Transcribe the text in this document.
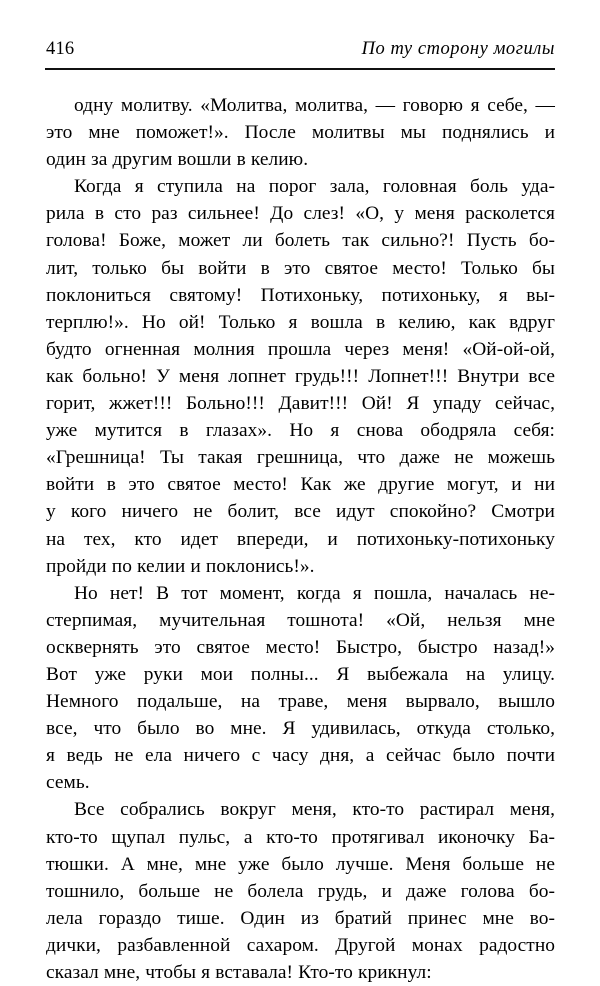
416	По ту сторону могилы

одну молитву. «Молитва, молитва, — говорю я себе, —
это мне поможет!». После молитвы мы поднялись и
один за другим вошли в келию.

Когда я ступила на порог зала, головная боль уда-
рила в сто раз сильнее! До слез! «О, у меня расколется
голова! Боже, может ли болеть так сильно?! Пусть бо-
лит, только бы войти в это святое место! Только бы
поклониться святому! Потихоньку, потихоньку, я вы-
терплю!». Но ой! Только я вошла в келию, как вдруг
будто огненная молния прошла через меня! «Ой-ой-ой,
как больно! У меня лопнет грудь!!! Лопнет!!! Внутри все
горит, жжет!!! Больно!!! Давит!!! Ой! Я упаду сейчас,
уже мутится в глазах». Но я снова ободряла себя:
«Грешница! Ты такая грешница, что даже не можешь
войти в это святое место! Как же другие могут, и ни
у кого ничего не болит, все идут спокойно? Смотри
на тех, кто идет впереди, и потихоньку-потихоньку
пройди по келии и поклонись!».

Но нет! В тот момент, когда я пошла, началась не-
стерпимая, мучительная тошнота! «Ой, нельзя мне
осквернять это святое место! Быстро, быстро назад!»
Вот уже руки мои полны... Я выбежала на улицу.
Немного подальше, на траве, меня вырвало, вышло
все, что было во мне. Я удивилась, откуда столько,
я ведь не ела ничего с часу дня, а сейчас было почти
семь.

Все собрались вокруг меня, кто-то растирал меня,
кто-то щупал пульс, а кто-то протягивал иконочку Ба-
тюшки. А мне, мне уже было лучше. Меня больше не
тошнило, больше не болела грудь, и даже голова бо-
лела гораздо тише. Один из братий принес мне во-
дички, разбавленной сахаром. Другой монах радостно
сказал мне, чтобы я вставала! Кто-то крикнул:
